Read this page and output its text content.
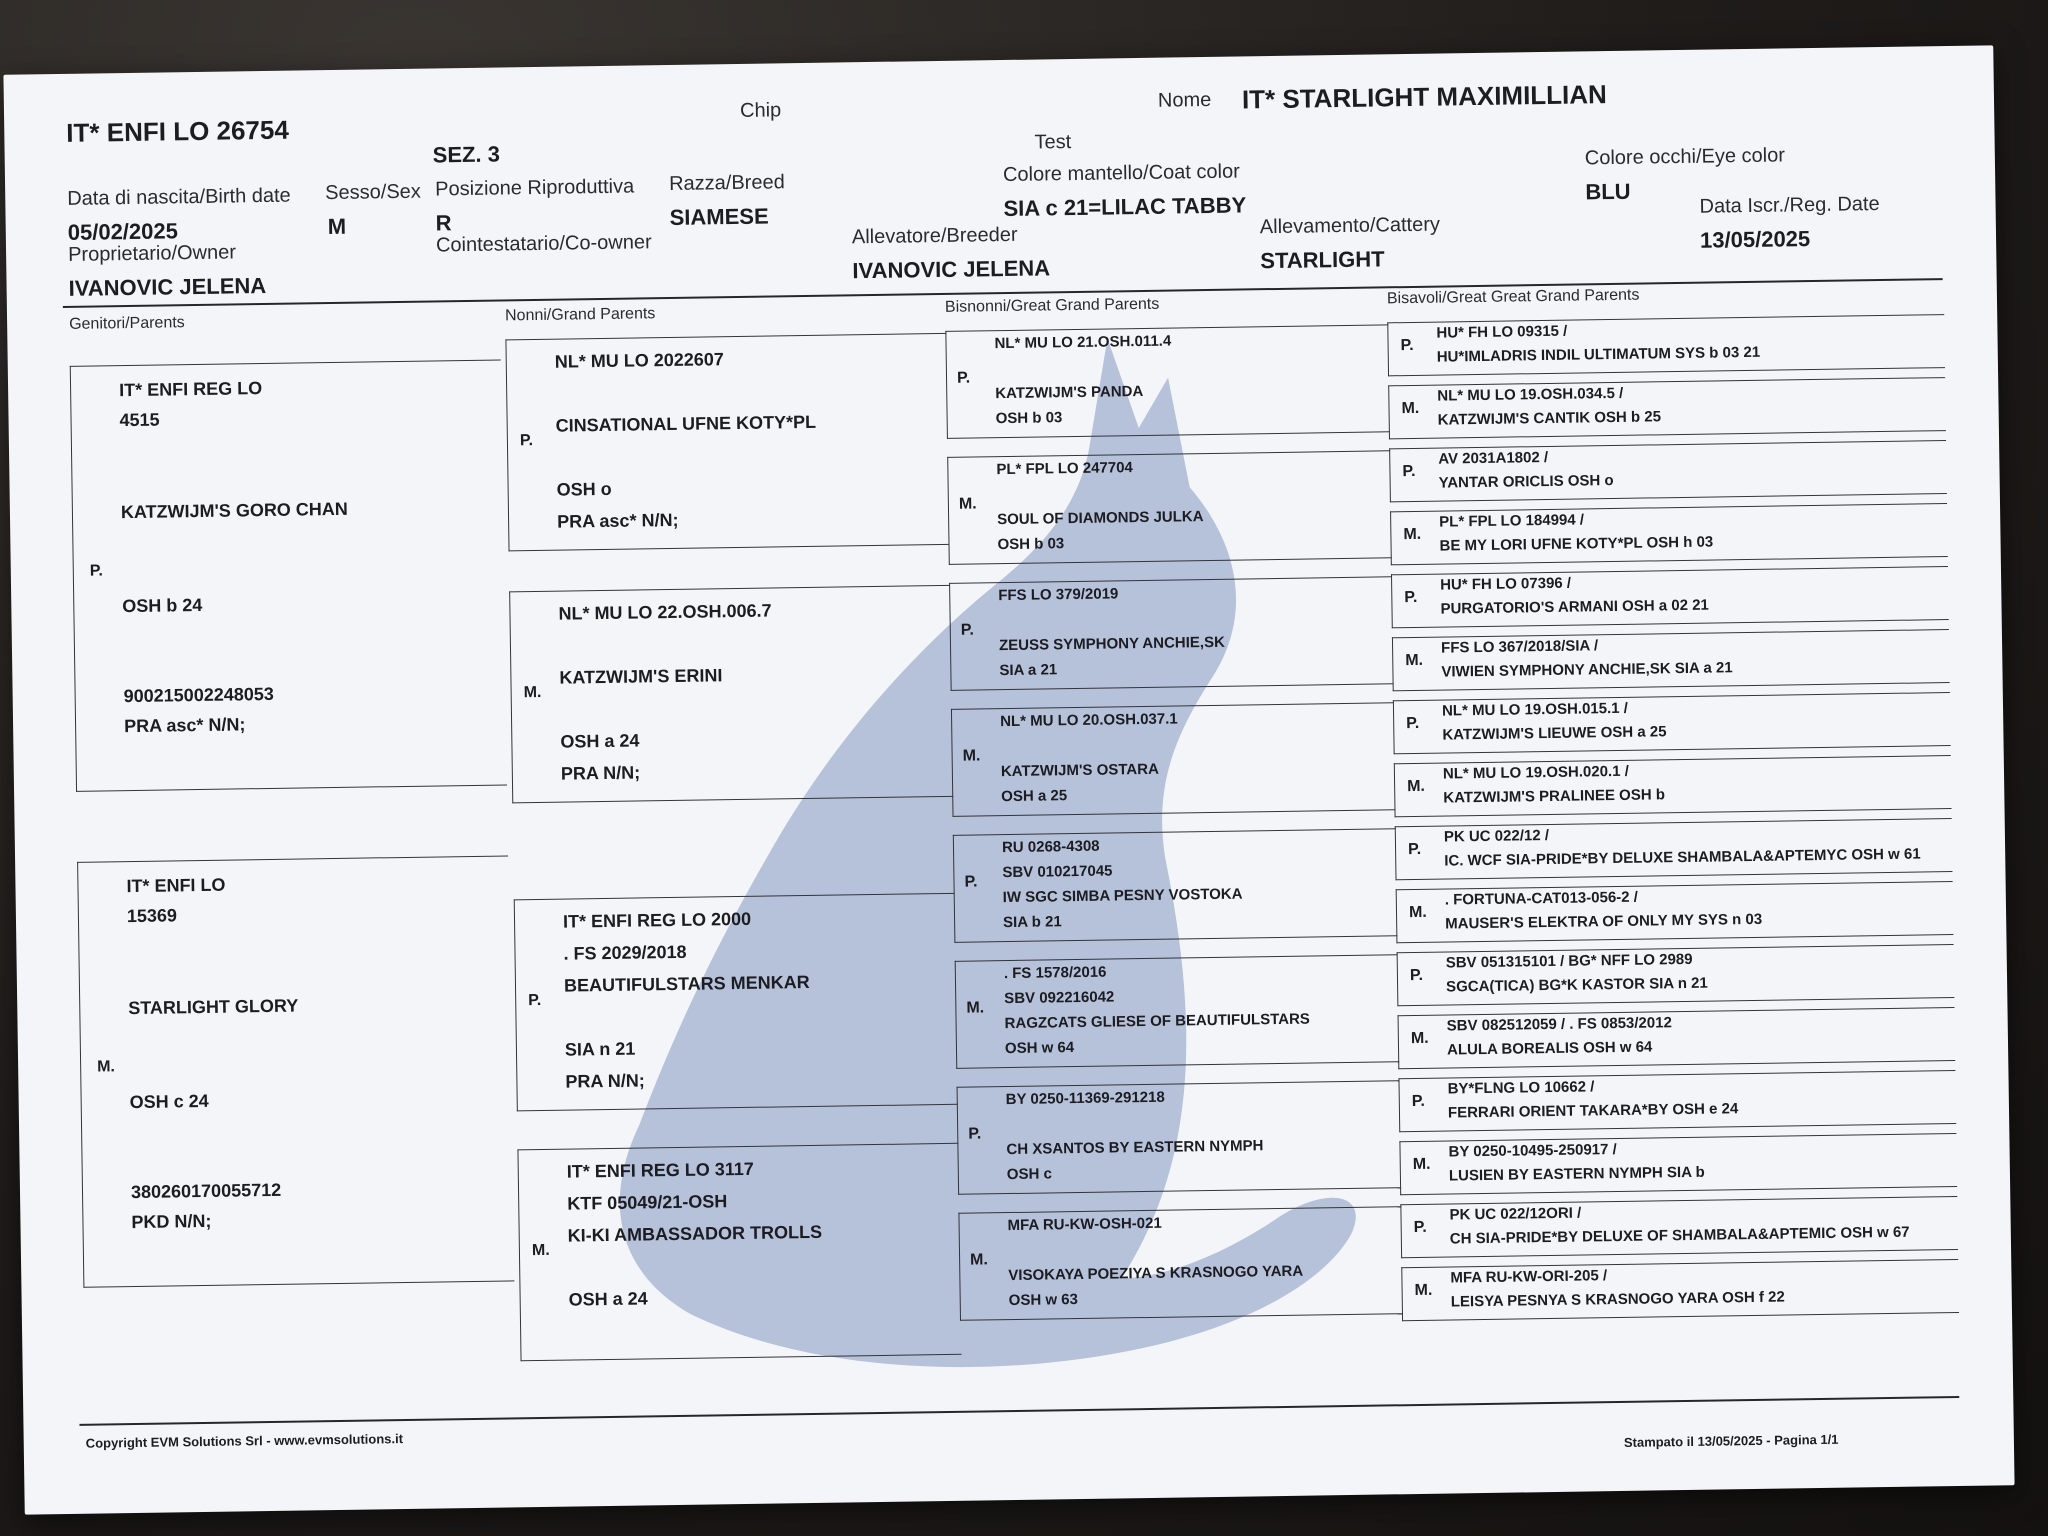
IT* ENFI LO 26754
Chip	Nome IT* STARLIGHT MAXIMILLIAN
SEZ. 3	Test
Data di nascita/Birth date
05/02/2025
Sesso/Sex
M
Posizione Riproduttiva
R
Razza/Breed
SIAMESE
Colore mantello/Coat color
SIA c 21=LILAC TABBY
Colore occhi/Eye color
BLU
Proprietario/Owner
IVANOVIC JELENA
Cointestatario/Co-owner	Allevatore/Breeder
IVANOVIC JELENA
Allevamento/Cattery
STARLIGHT
Data Iscr./Reg. Date
13/05/2025
Genitori/Parents	Nonni/Grand Parents	Bisnonni/Great Grand Parents	Bisavoli/Great Great Grand Parents
IT* ENFI REG LO
4515
KATZWIJM'S GORO CHAN
P.
OSH b 24
900215002248053
PRA asc* N/N;
IT* ENFI LO
15369
STARLIGHT GLORY
M.
OSH c 24
380260170055712
PKD N/N;
P.
NL* MU LO 2022607
CINSATIONAL UFNE KOTY*PL
OSH o
PRA asc* N/N;
M.
NL* MU LO 22.OSH.006.7
KATZWIJM'S ERINI
OSH a 24
PRA N/N;
P.
IT* ENFI REG LO 2000
. FS 2029/2018
BEAUTIFULSTARS MENKAR
SIA n 21
PRA N/N;
M.
IT* ENFI REG LO 3117
KTF 05049/21-OSH
KI-KI AMBASSADOR TROLLS
OSH a 24
P.
NL* MU LO 21.OSH.011.4
KATZWIJM'S PANDA
OSH b 03
M.
PL* FPL LO 247704
SOUL OF DIAMONDS JULKA
OSH b 03
P.
FFS LO 379/2019
ZEUSS SYMPHONY ANCHIE,SK
SIA a 21
M.
NL* MU LO 20.OSH.037.1
KATZWIJM'S OSTARA
OSH a 25
P.
RU 0268-4308
SBV 010217045
IW SGC SIMBA PESNY VOSTOKA
SIA b 21
M.
. FS 1578/2016
SBV 092216042
RAGZCATS GLIESE OF BEAUTIFULSTARS
OSH w 64
P.
BY 0250-11369-291218
CH XSANTOS BY EASTERN NYMPH
OSH c
M.
MFA RU-KW-OSH-021
VISOKAYA POEZIYA S KRASNOGO YARA
OSH w 63
P.
HU* FH LO 09315 /
HU*IMLADRIS INDIL ULTIMATUM SYS b 03 21
M.
NL* MU LO 19.OSH.034.5 /
KATZWIJM'S CANTIK OSH b 25
P.
AV 2031A1802 /
YANTAR ORICLIS OSH o
M.
PL* FPL LO 184994 /
BE MY LORI UFNE KOTY*PL OSH h 03
P.
HU* FH LO 07396 /
PURGATORIO'S ARMANI OSH a 02 21
M.
FFS LO 367/2018/SIA /
VIWIEN SYMPHONY ANCHIE,SK SIA a 21
P.
NL* MU LO 19.OSH.015.1 /
KATZWIJM'S LIEUWE OSH a 25
M.
NL* MU LO 19.OSH.020.1 /
KATZWIJM'S PRALINEE OSH b
P.
PK UC 022/12 /
IC. WCF SIA-PRIDE*BY DELUXE SHAMBALA&APTEMYC OSH w 61
M.
. FORTUNA-CAT013-056-2 /
MAUSER'S ELEKTRA OF ONLY MY SYS n 03
P.
SBV 051315101 / BG* NFF LO 2989
SGCA(TICA) BG*K KASTOR SIA n 21
M.
SBV 082512059 / . FS 0853/2012
ALULA BOREALIS OSH w 64
P.
BY*FLNG LO 10662 /
FERRARI ORIENT TAKARA*BY OSH e 24
M.
BY 0250-10495-250917 /
LUSIEN BY EASTERN NYMPH SIA b
P.
PK UC 022/12ORI /
CH SIA-PRIDE*BY DELUXE OF SHAMBALA&APTEMIC OSH w 67
M.
MFA RU-KW-ORI-205 /
LEISYA PESNYA S KRASNOGO YARA OSH f 22
Copyright EVM Solutions Srl - www.evmsolutions.it	Stampato il 13/05/2025 - Pagina 1/1
